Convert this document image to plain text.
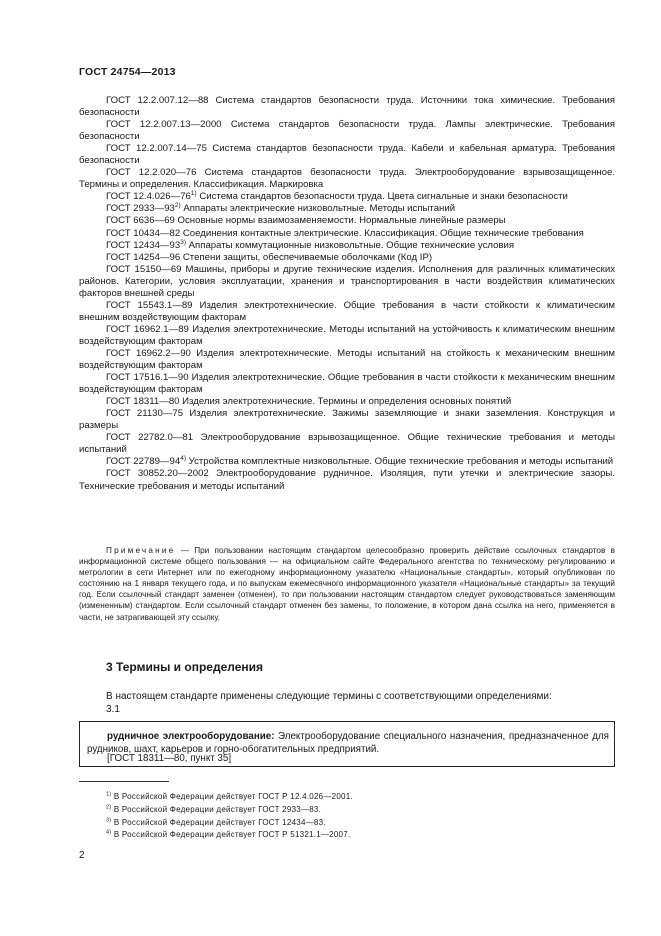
ГОСТ 24754—2013

ГОСТ 12.2.007.12—88 Система стандартов безопасности труда. Источники тока химические. Требования безопасности

ГОСТ 12.2.007.13—2000 Система стандартов безопасности труда. Лампы электрические. Требования безопасности

ГОСТ 12.2.007.14—75 Система стандартов безопасности труда. Кабели и кабельная арматура. Требования безопасности

ГОСТ 12.2.020—76 Система стандартов безопасности труда. Электрооборудование взрывозащищенное. Термины и определения. Классификация. Маркировка

ГОСТ 12.4.026—76$^{1)}$ Система стандартов безопасности труда. Цвета сигнальные и знаки безопасности

ГОСТ 2933—93$^{2)}$ Аппараты электрические низковольтные. Методы испытаний

ГОСТ 6636—69 Основные нормы взаимозаменяемости. Нормальные линейные размеры

ГОСТ 10434—82 Соединения контактные электрические. Классификация. Общие технические требования

ГОСТ 12434—93$^{3)}$ Аппараты коммутационные низковольтные. Общие технические условия

ГОСТ 14254—96 Степени защиты, обеспечиваемые оболочками (Код IP)

ГОСТ 15150—69 Машины, приборы и другие технические изделия. Исполнения для различных климатических районов. Категории, условия эксплуатации, хранения и транспортирования в части воздействия климатических факторов внешней среды

ГОСТ 15543.1—89 Изделия электротехнические. Общие требования в части стойкости к климатическим внешним воздействующим факторам

ГОСТ 16962.1—89 Изделия электротехнические. Методы испытаний на устойчивость к климатическим внешним воздействующим факторам

ГОСТ 16962.2—90 Изделия электротехнические. Методы испытаний на стойкость к механическим внешним воздействующим факторам

ГОСТ 17516.1—90 Изделия электротехнические. Общие требования в части стойкости к механическим внешним воздействующим факторам

ГОСТ 18311—80 Изделия электротехнические. Термины и определения основных понятий

ГОСТ 21130—75 Изделия электротехнические. Зажимы заземляющие и знаки заземления. Конструкция и размеры

ГОСТ 22782.0—81 Электрооборудование взрывозащищенное. Общие технические требования и методы испытаний

ГОСТ 22789—94$^{4)}$ Устройства комплектные низковольтные. Общие технические требования и методы испытаний

ГОСТ 30852.20—2002 Электрооборудование рудничное. Изоляция, пути утечки и электрические зазоры. Технические требования и методы испытаний

Примечание — При пользовании настоящим стандартом целесообразно проверить действие ссылочных стандартов в информационной системе общего пользования — на официальном сайте Федерального агентства по техническому регулированию и метрологии в сети Интернет или по ежегодному информационному указателю «Национальные стандарты», который опубликован по состоянию на 1 января текущего года, и по выпускам ежемесячного информационного указателя «Национальные стандарты» за текущий год. Если ссылочный стандарт заменен (отменен), то при пользовании настоящим стандартом следует руководствоваться заменяющим (измененным) стандартом. Если ссылочный стандарт отменен без замены, то положение, в котором дана ссылка на него, применяется в части, не затрагивающей эту ссылку.
3 Термины и определения
В настоящем стандарте применены следующие термины с соответствующими определениями:
3.1
рудничное электрооборудование: Электрооборудование специального назначения, предназначенное для рудников, шахт, карьеров и горно-обогатительных предприятий.
[ГОСТ 18311—80, пункт 35]
$^{1)}$ В Российской Федерации действует ГОСТ Р 12.4.026—2001.
$^{2)}$ В Российской Федерации действует ГОСТ 2933—83.
$^{3)}$ В Российской Федерации действует ГОСТ 12434—83.
$^{4)}$ В Российской Федерации действует ГОСТ Р 51321.1—2007.
2
